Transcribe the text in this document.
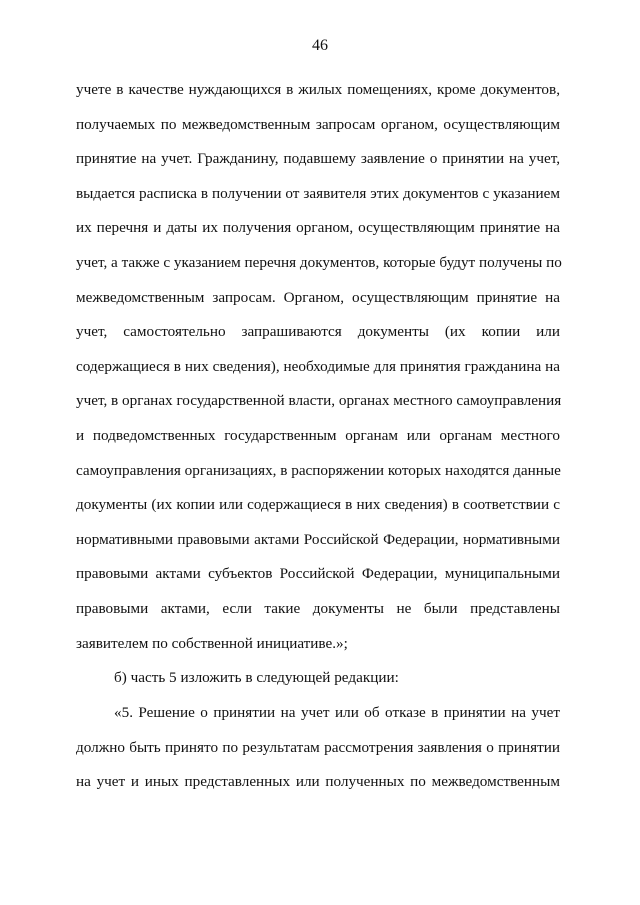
46
учете в качестве нуждающихся в жилых помещениях, кроме документов,
получаемых по межведомственным запросам органом, осуществляющим
принятие на учет. Гражданину, подавшему заявление о принятии на учет,
выдается расписка в получении от заявителя этих документов с указанием
их перечня и даты их получения органом, осуществляющим принятие на
учет, а также с указанием перечня документов, которые будут получены по
межведомственным запросам. Органом, осуществляющим принятие на
учет, самостоятельно запрашиваются документы (их копии или
содержащиеся в них сведения), необходимые для принятия гражданина на
учет, в органах государственной власти, органах местного самоуправления
и подведомственных государственным органам или органам местного
самоуправления организациях, в распоряжении которых находятся данные
документы (их копии или содержащиеся в них сведения) в соответствии с
нормативными правовыми актами Российской Федерации, нормативными
правовыми актами субъектов Российской Федерации, муниципальными
правовыми актами, если такие документы не были представлены
заявителем по собственной инициативе.»;
б) часть 5 изложить в следующей редакции:
«5. Решение о принятии на учет или об отказе в принятии на учет
должно быть принято по результатам рассмотрения заявления о принятии
на учет и иных представленных или полученных по межведомственным
